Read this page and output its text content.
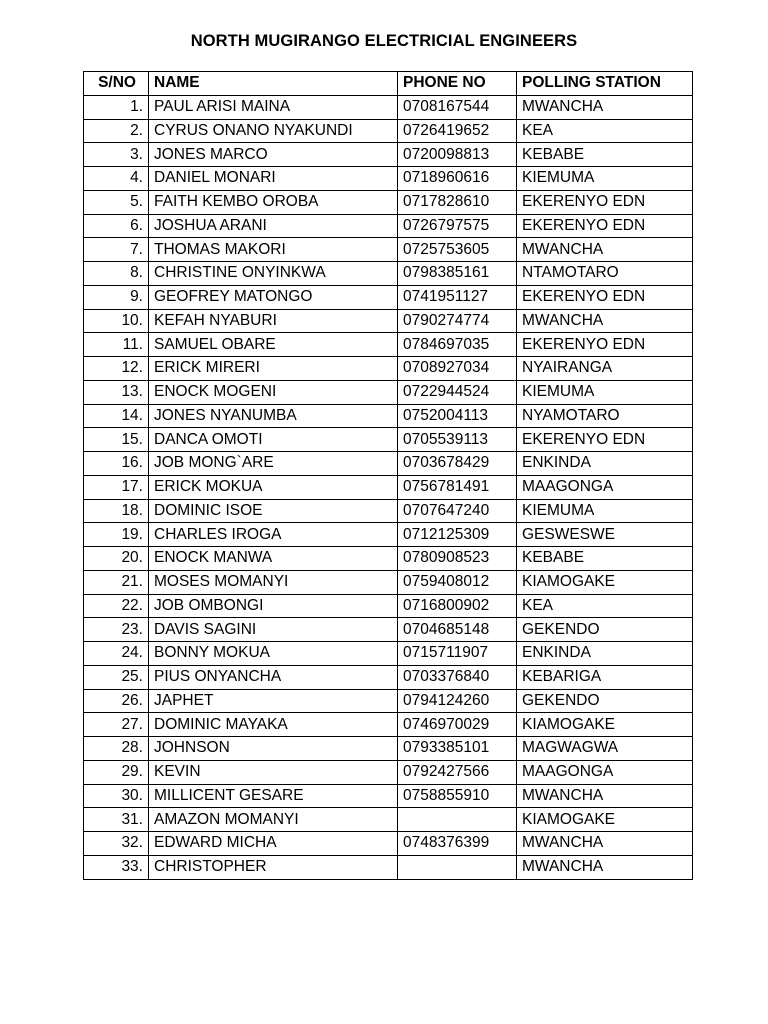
NORTH MUGIRANGO ELECTRICIAL ENGINEERS
S/NO	NAME	PHONE NO	POLLING STATION
1.	PAUL ARISI MAINA	0708167544	MWANCHA
2.	CYRUS ONANO NYAKUNDI	0726419652	KEA
3.	JONES MARCO	0720098813	KEBABE
4.	DANIEL MONARI	0718960616	KIEMUMA
5.	FAITH KEMBO OROBA	0717828610	EKERENYO EDN
6.	JOSHUA ARANI	0726797575	EKERENYO EDN
7.	THOMAS MAKORI	0725753605	MWANCHA
8.	CHRISTINE ONYINKWA	0798385161	NTAMOTARO
9.	GEOFREY MATONGO	0741951127	EKERENYO EDN
10.	KEFAH NYABURI	0790274774	MWANCHA
11.	SAMUEL OBARE	0784697035	EKERENYO EDN
12.	ERICK MIRERI	0708927034	NYAIRANGA
13.	ENOCK MOGENI	0722944524	KIEMUMA
14.	JONES NYANUMBA	0752004113	NYAMOTARO
15.	DANCA OMOTI	0705539113	EKERENYO EDN
16.	JOB MONG`ARE	0703678429	ENKINDA
17.	ERICK MOKUA	0756781491	MAAGONGA
18.	DOMINIC ISOE	0707647240	KIEMUMA
19.	CHARLES IROGA	0712125309	GESWESWE
20.	ENOCK MANWA	0780908523	KEBABE
21.	MOSES MOMANYI	0759408012	KIAMOGAKE
22.	JOB OMBONGI	0716800902	KEA
23.	DAVIS SAGINI	0704685148	GEKENDO
24.	BONNY MOKUA	0715711907	ENKINDA
25.	PIUS ONYANCHA	0703376840	KEBARIGA
26.	JAPHET	0794124260	GEKENDO
27.	DOMINIC MAYAKA	0746970029	KIAMOGAKE
28.	JOHNSON	0793385101	MAGWAGWA
29.	KEVIN	0792427566	MAAGONGA
30.	MILLICENT GESARE	0758855910	MWANCHA
31.	AMAZON MOMANYI		KIAMOGAKE
32.	EDWARD MICHA	0748376399	MWANCHA
33.	CHRISTOPHER		MWANCHA
